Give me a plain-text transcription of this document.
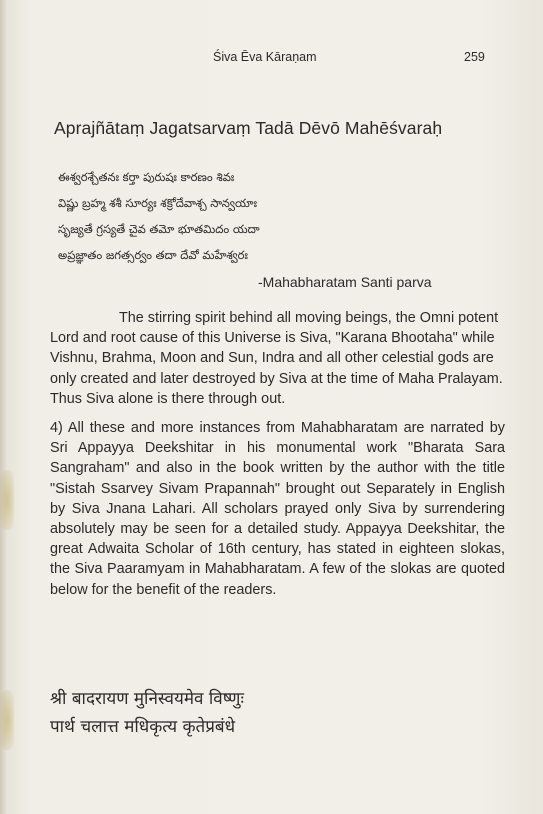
Śiva Ēva Kāraṇam	259
Aprajñātaṃ Jagatsarvaṃ Tadā Dēvō Mahēśvaraḥ
ఈశ్వరశ్చేతనః కర్తా పురుషః కారణం శివః
విష్ణు బ్రహ్మ శశీ సూర్యః శక్రోదేవాశ్చ సాన్వయాః
సృజ్యతే గ్రస్యతే చైవ తమో భూతమిదం యదా
అప్రజ్ఞాతం జగత్సర్వం తదా దేవో మహేశ్వరః
-Mahabharatam Santi parva

The stirring spirit behind all moving beings, the Omni potent Lord and root cause of this Universe is Siva, "Karana Bhootaha" while Vishnu, Brahma, Moon and Sun, Indra and all other celestial gods are only created and later destroyed by Siva at the time of Maha Pralayam. Thus Siva alone is there through out.

4) All these and more instances from Mahabharatam are narrated by Sri Appayya Deekshitar in his monumental work "Bharata Sara Sangraham" and also in the book written by the author with the title "Sistah Ssarvey Sivam Prapannah" brought out Separately in English by Siva Jnana Lahari. All scholars prayed only Siva by surrendering absolutely may be seen for a detailed study. Appayya Deekshitar, the great Adwaita Scholar of 16th century, has stated in eighteen slokas, the Siva Paaramyam in Mahabharatam. A few of the slokas are quoted below for the benefit of the readers.

श्री बादरायण मुनिस्वयमेव विष्णुः
पार्थ चलात्त मधिकृत्य कृतेप्रबंधे
